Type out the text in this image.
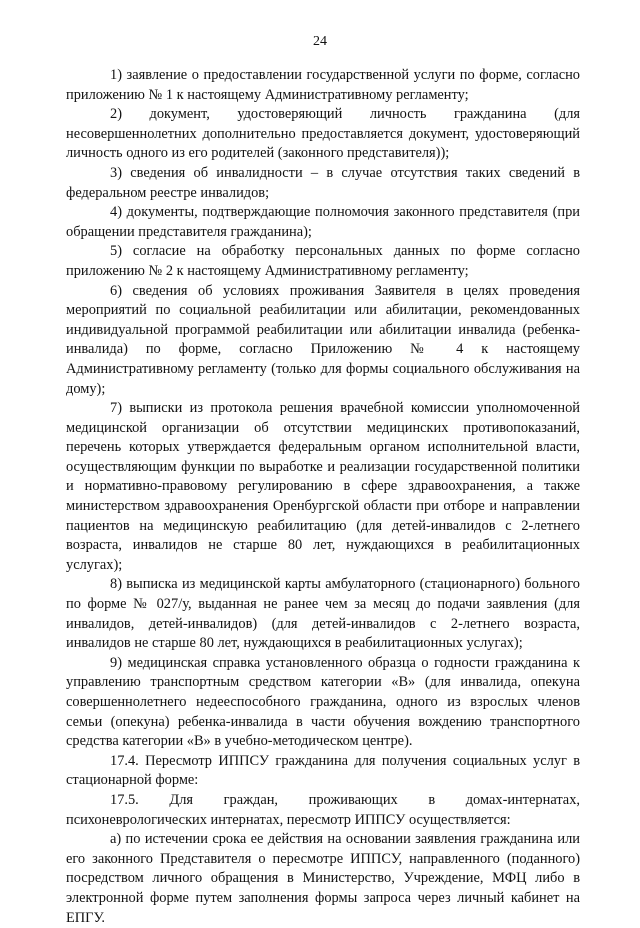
24

1) заявление о предоставлении государственной услуги по форме, согласно приложению № 1 к настоящему Административному регламенту;

2) документ, удостоверяющий личность гражданина (для несовершеннолетних дополнительно предоставляется документ, удостоверяющий личность одного из его родителей (законного представителя));

3) сведения об инвалидности – в случае отсутствия таких сведений в федеральном реестре инвалидов;

4) документы, подтверждающие полномочия законного представителя (при обращении представителя гражданина);

5) согласие на обработку персональных данных по форме согласно приложению № 2 к настоящему Административному регламенту;

6) сведения об условиях проживания Заявителя в целях проведения мероприятий по социальной реабилитации или абилитации, рекомендованных индивидуальной программой реабилитации или абилитации инвалида (ребенка-инвалида) по форме, согласно Приложению № 4 к настоящему Административному регламенту (только для формы социального обслуживания на дому);

7) выписки из протокола решения врачебной комиссии уполномоченной медицинской организации об отсутствии медицинских противопоказаний, перечень которых утверждается федеральным органом исполнительной власти, осуществляющим функции по выработке и реализации государственной политики и нормативно-правовому регулированию в сфере здравоохранения, а также министерством здравоохранения Оренбургской области при отборе и направлении пациентов на медицинскую реабилитацию (для детей-инвалидов с 2-летнего возраста, инвалидов не старше 80 лет, нуждающихся в реабилитационных услугах);

8) выписка из медицинской карты амбулаторного (стационарного) больного по форме № 027/у, выданная не ранее чем за месяц до подачи заявления (для инвалидов, детей-инвалидов) (для детей-инвалидов с 2-летнего возраста, инвалидов не старше 80 лет, нуждающихся в реабилитационных услугах);

9) медицинская справка установленного образца о годности гражданина к управлению транспортным средством категории «В» (для инвалида, опекуна совершеннолетнего недееспособного гражданина, одного из взрослых членов семьи (опекуна) ребенка-инвалида в части обучения вождению транспортного средства категории «В» в учебно-методическом центре).

17.4. Пересмотр ИППСУ гражданина для получения социальных услуг в стационарной форме:

17.5. Для граждан, проживающих в домах-интернатах, психоневрологических интернатах, пересмотр ИППСУ осуществляется:

а) по истечении срока ее действия на основании заявления гражданина или его законного Представителя о пересмотре ИППСУ, направленного (поданного) посредством личного обращения в Министерство, Учреждение, МФЦ либо в электронной форме путем заполнения формы запроса через личный кабинет на ЕПГУ.
